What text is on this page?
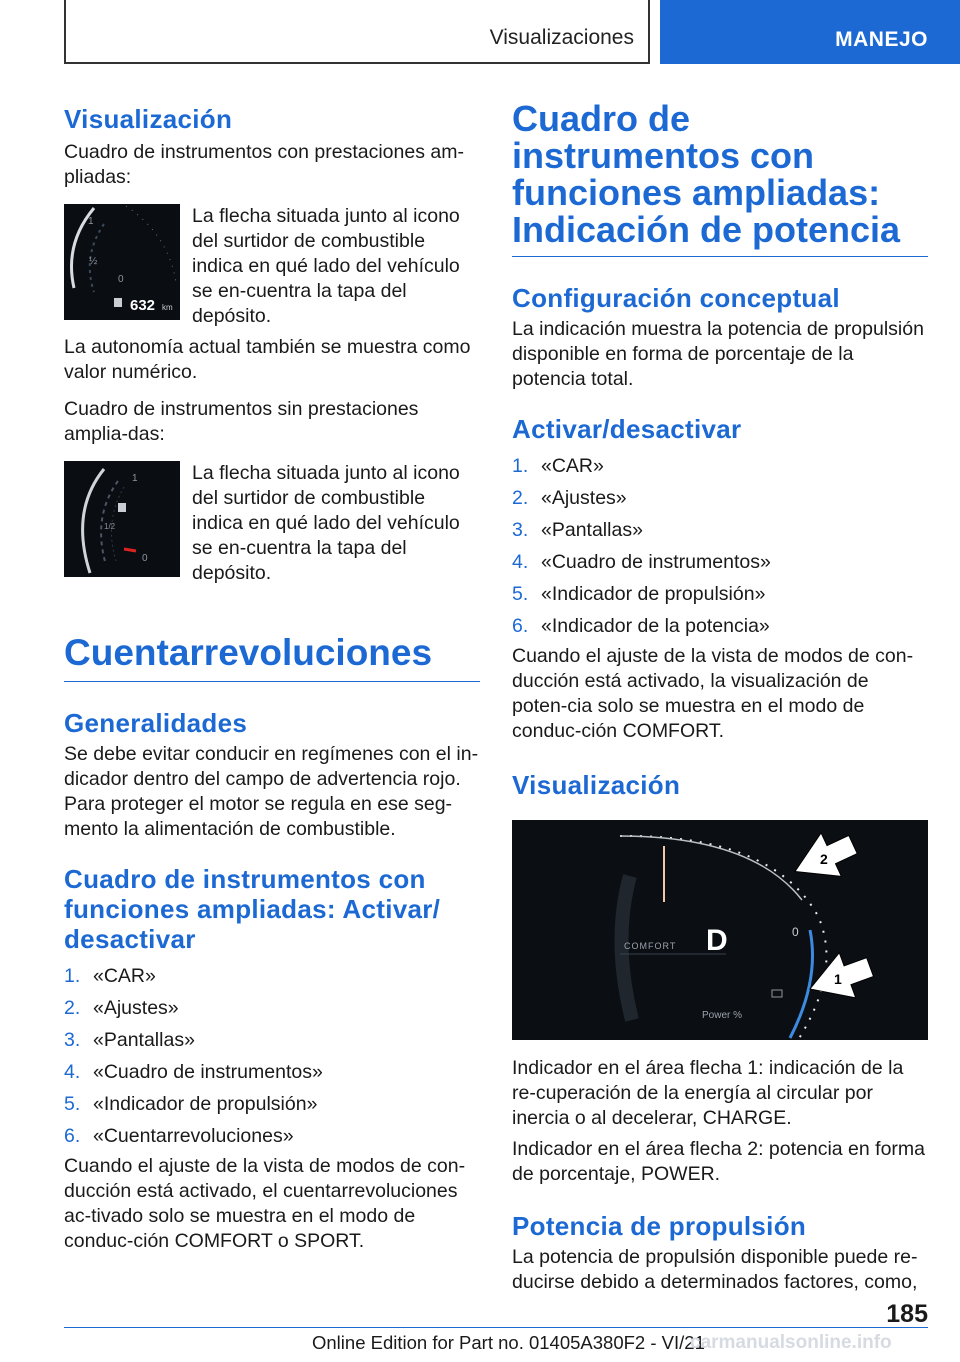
Visualizaciones	MANEJO
Visualización
Cuadro de instrumentos con prestaciones am-pliadas:
1
½
0
632 km
La flecha situada junto al icono del surtidor de combustible indica en qué lado del vehículo se en-cuentra la tapa del depósito.
La autonomía actual también se muestra como valor numérico.
Cuadro de instrumentos sin prestaciones amplia-das:
1
1/2
0
La flecha situada junto al icono del surtidor de combustible indica en qué lado del vehículo se en-cuentra la tapa del depósito.
Cuentarrevoluciones
Generalidades
Se debe evitar conducir en regímenes con el in-dicador dentro del campo de advertencia rojo. Para proteger el motor se regula en ese seg-mento la alimentación de combustible.
Cuadro de instrumentos con funciones ampliadas: Activar/ desactivar
1. «CAR»
2. «Ajustes»
3. «Pantallas»
4. «Cuadro de instrumentos»
5. «Indicador de propulsión»
6. «Cuentarrevoluciones»
Cuando el ajuste de la vista de modos de con-ducción está activado, el cuentarrevoluciones ac-tivado solo se muestra en el modo de conduc-ción COMFORT o SPORT.
Cuadro de instrumentos con funciones ampliadas: Indicación de potencia
Configuración conceptual
La indicación muestra la potencia de propulsión disponible en forma de porcentaje de la potencia total.
Activar/desactivar
1. «CAR»
2. «Ajustes»
3. «Pantallas»
4. «Cuadro de instrumentos»
5. «Indicador de propulsión»
6. «Indicador de la potencia»
Cuando el ajuste de la vista de modos de con-ducción está activado, la visualización de poten-cia solo se muestra en el modo de conduc-ción COMFORT.
Visualización
COMFORT D
Power %
0
2
1
Indicador en el área flecha 1: indicación de la re-cuperación de la energía al circular por inercia o al decelerar, CHARGE.
Indicador en el área flecha 2: potencia en forma de porcentaje, POWER.
Potencia de propulsión
La potencia de propulsión disponible puede re-ducirse debido a determinados factores, como,
185
Online Edition for Part no. 01405A380F2 - VI/21
carmanualsonline.info
